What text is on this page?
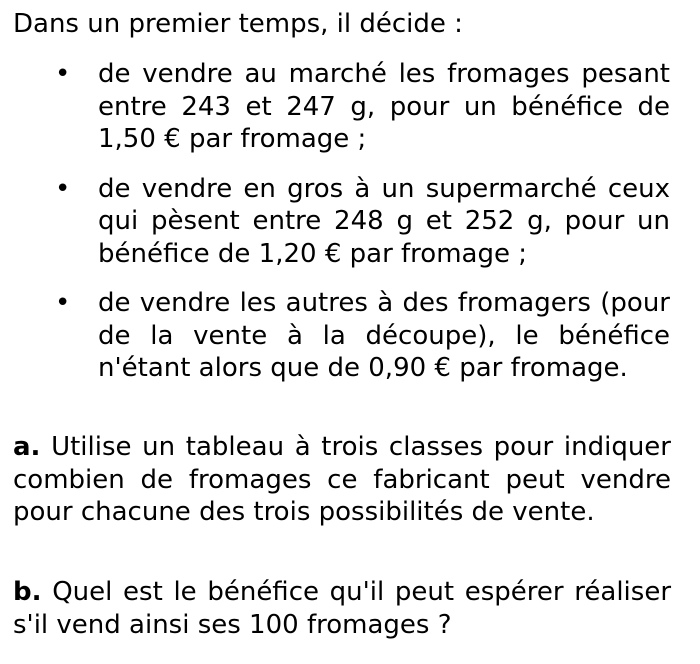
Dans un premier temps, il décide :
• de vendre au marché les fromages pesant entre 243 et 247 g, pour un bénéfice de 1,50 € par fromage ;
• de vendre en gros à un supermarché ceux qui pèsent entre 248 g et 252 g, pour un bénéfice de 1,20 € par fromage ;
• de vendre les autres à des fromagers (pour de la vente à la découpe), le bénéfice n'étant alors que de 0,90 € par fromage.
a. Utilise un tableau à trois classes pour indiquer combien de fromages ce fabricant peut vendre pour chacune des trois possibilités de vente.
b. Quel est le bénéfice qu'il peut espérer réaliser s'il vend ainsi ses 100 fromages ?
